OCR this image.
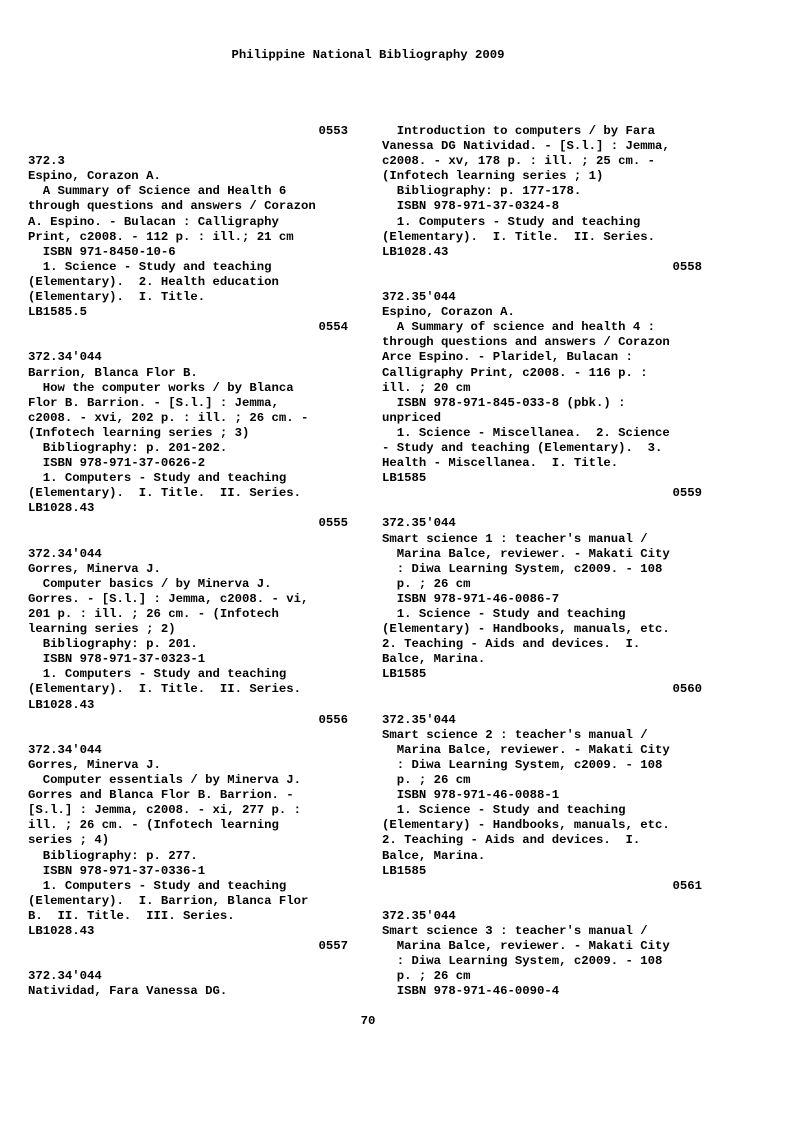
Philippine National Bibliography 2009
0553
372.3
Espino, Corazon A.
A Summary of Science and Health 6
through questions and answers / Corazon
A. Espino. - Bulacan : Calligraphy
Print, c2008. - 112 p. : ill.; 21 cm
ISBN 971-8450-10-6
1. Science - Study and teaching
(Elementary).  2. Health education
(Elementary).  I. Title.
LB1585.5
0554
372.34'044
Barrion, Blanca Flor B.
How the computer works / by Blanca
Flor B. Barrion. - [S.l.] : Jemma,
c2008. - xvi, 202 p. : ill. ; 26 cm. -
(Infotech learning series ; 3)
Bibliography: p. 201-202.
ISBN 978-971-37-0626-2
1. Computers - Study and teaching
(Elementary).  I. Title.  II. Series.
LB1028.43
0555
372.34'044
Gorres, Minerva J.
Computer basics / by Minerva J.
Gorres. - [S.l.] : Jemma, c2008. - vi,
201 p. : ill. ; 26 cm. - (Infotech
learning series ; 2)
Bibliography: p. 201.
ISBN 978-971-37-0323-1
1. Computers - Study and teaching
(Elementary).  I. Title.  II. Series.
LB1028.43
0556
372.34'044
Gorres, Minerva J.
Computer essentials / by Minerva J.
Gorres and Blanca Flor B. Barrion. -
[S.l.] : Jemma, c2008. - xi, 277 p. :
ill. ; 26 cm. - (Infotech learning
series ; 4)
Bibliography: p. 277.
ISBN 978-971-37-0336-1
1. Computers - Study and teaching
(Elementary).  I. Barrion, Blanca Flor
B.  II. Title.  III. Series.
LB1028.43
0557
372.34'044
Natividad, Fara Vanessa DG.
Introduction to computers / by Fara
Vanessa DG Natividad. - [S.l.] : Jemma,
c2008. - xv, 178 p. : ill. ; 25 cm. -
(Infotech learning series ; 1)
Bibliography: p. 177-178.
ISBN 978-971-37-0324-8
1. Computers - Study and teaching
(Elementary).  I. Title.  II. Series.
LB1028.43
0558
372.35'044
Espino, Corazon A.
A Summary of science and health 4 :
through questions and answers / Corazon
Arce Espino. - Plaridel, Bulacan :
Calligraphy Print, c2008. - 116 p. :
ill. ; 20 cm
ISBN 978-971-845-033-8 (pbk.) :
unpriced
1. Science - Miscellanea.  2. Science
- Study and teaching (Elementary).  3.
Health - Miscellanea.  I. Title.
LB1585
0559
372.35'044
Smart science 1 : teacher's manual /
Marina Balce, reviewer. - Makati City
: Diwa Learning System, c2009. - 108
p. ; 26 cm
ISBN 978-971-46-0086-7
1. Science - Study and teaching
(Elementary) - Handbooks, manuals, etc.
2. Teaching - Aids and devices.  I.
Balce, Marina.
LB1585
0560
372.35'044
Smart science 2 : teacher's manual /
Marina Balce, reviewer. - Makati City
: Diwa Learning System, c2009. - 108
p. ; 26 cm
ISBN 978-971-46-0088-1
1. Science - Study and teaching
(Elementary) - Handbooks, manuals, etc.
2. Teaching - Aids and devices.  I.
Balce, Marina.
LB1585
0561
372.35'044
Smart science 3 : teacher's manual /
Marina Balce, reviewer. - Makati City
: Diwa Learning System, c2009. - 108
p. ; 26 cm
ISBN 978-971-46-0090-4
70
